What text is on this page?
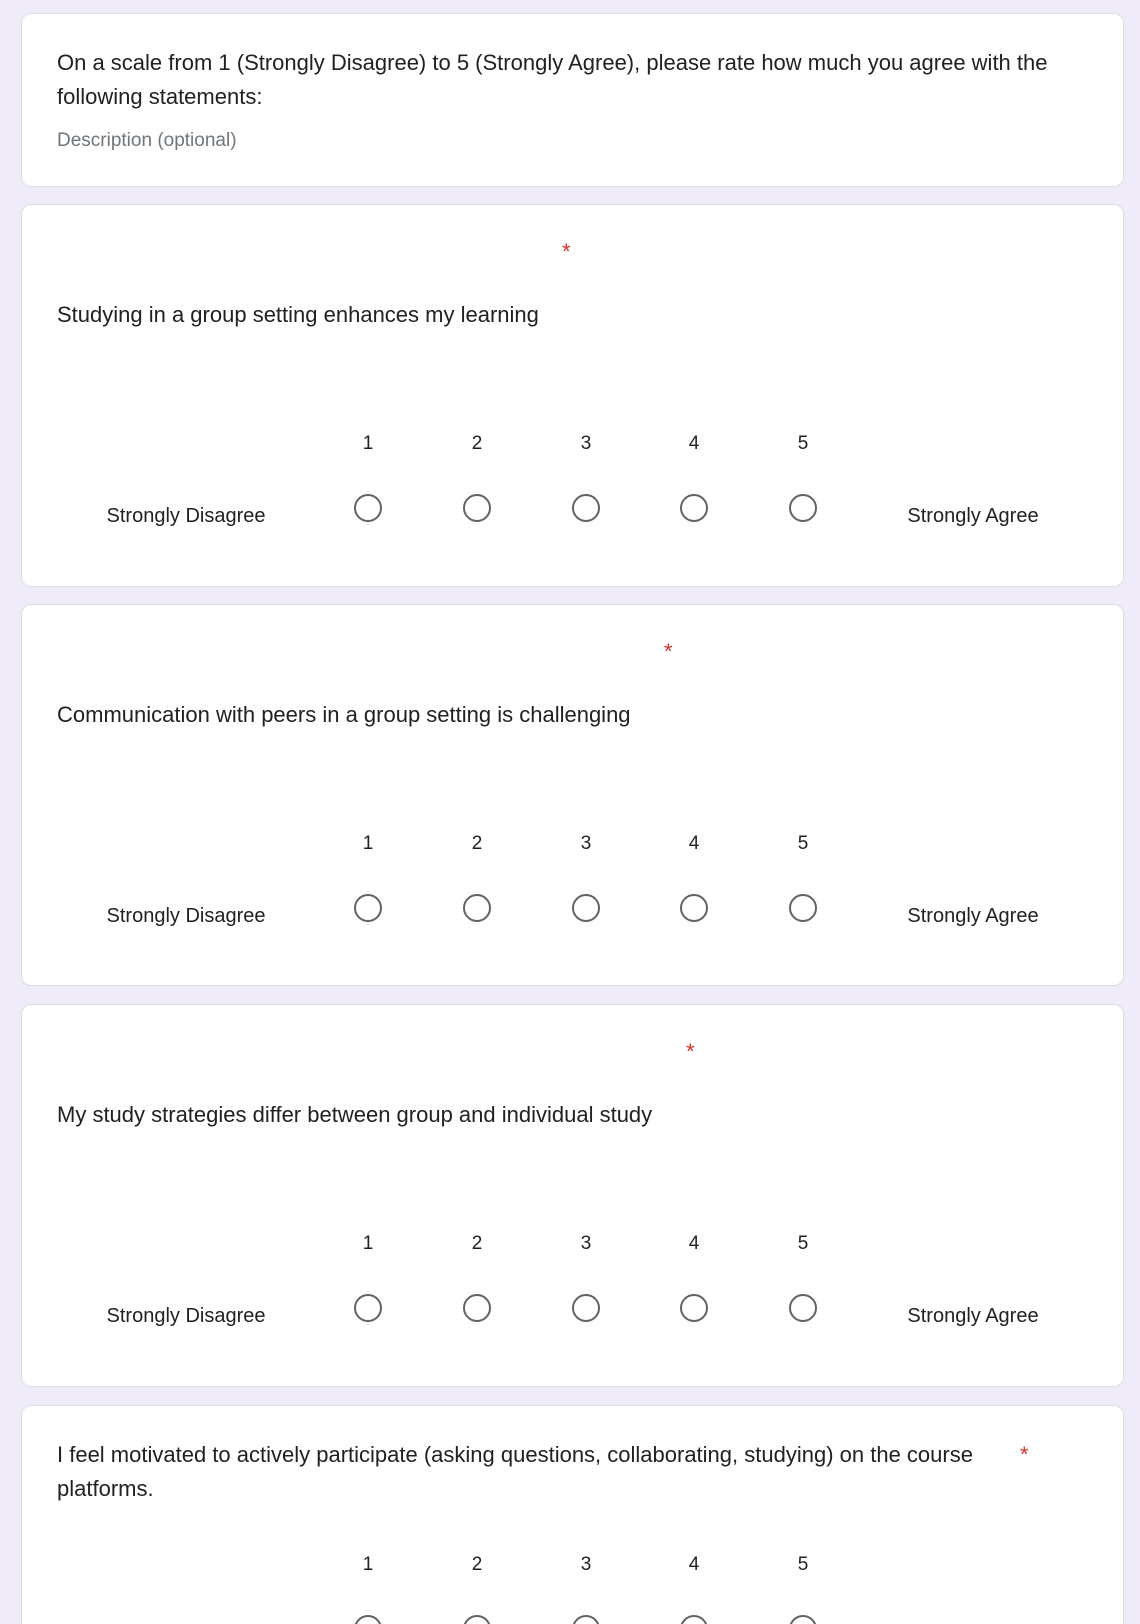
On a scale from 1 (Strongly Disagree) to 5 (Strongly Agree), please rate how much you agree with the following statements:
Description (optional)
*
Studying in a group setting enhances my learning
1	2	3	4	5
Strongly Disagree	Strongly Agree
*
Communication with peers in a group setting is challenging
1	2	3	4	5
Strongly Disagree	Strongly Agree
*
My study strategies differ between group and individual study
1	2	3	4	5
Strongly Disagree	Strongly Agree
*
I feel motivated to actively participate (asking questions, collaborating, studying) on the course platforms.
1	2	3	4	5
